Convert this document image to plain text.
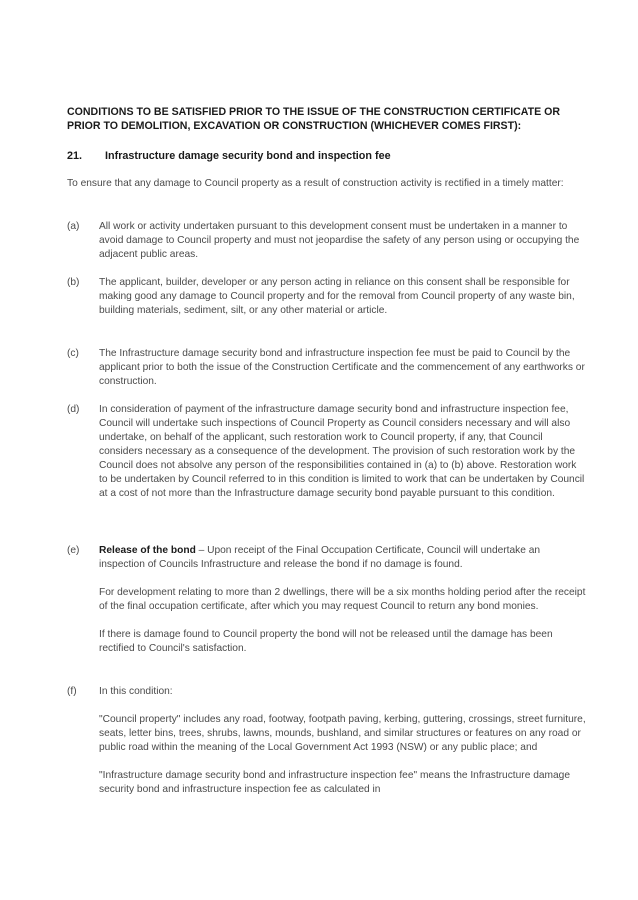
CONDITIONS TO BE SATISFIED PRIOR TO THE ISSUE OF THE CONSTRUCTION CERTIFICATE OR PRIOR TO DEMOLITION, EXCAVATION OR CONSTRUCTION (WHICHEVER COMES FIRST):
21. Infrastructure damage security bond and inspection fee
To ensure that any damage to Council property as a result of construction activity is rectified in a timely matter:
(a)	All work or activity undertaken pursuant to this development consent must be undertaken in a manner to avoid damage to Council property and must not jeopardise the safety of any person using or occupying the adjacent public areas.

(b)	The applicant, builder, developer or any person acting in reliance on this consent shall be responsible for making good any damage to Council property and for the removal from Council property of any waste bin, building materials, sediment, silt, or any other material or article.

(c)	The Infrastructure damage security bond and infrastructure inspection fee must be paid to Council by the applicant prior to both the issue of the Construction Certificate and the commencement of any earthworks or construction.

(d)	In consideration of payment of the infrastructure damage security bond and infrastructure inspection fee, Council will undertake such inspections of Council Property as Council considers necessary and will also undertake, on behalf of the applicant, such restoration work to Council property, if any, that Council considers necessary as a consequence of the development. The provision of such restoration work by the Council does not absolve any person of the responsibilities contained in (a) to (b) above. Restoration work to be undertaken by Council referred to in this condition is limited to work that can be undertaken by Council at a cost of not more than the Infrastructure damage security bond payable pursuant to this condition.

(e)	Release of the bond – Upon receipt of the Final Occupation Certificate, Council will undertake an inspection of Councils Infrastructure and release the bond if no damage is found.

For development relating to more than 2 dwellings, there will be a six months holding period after the receipt of the final occupation certificate, after which you may request Council to return any bond monies.

If there is damage found to Council property the bond will not be released until the damage has been rectified to Council's satisfaction.

(f)	In this condition:

"Council property" includes any road, footway, footpath paving, kerbing, guttering, crossings, street furniture, seats, letter bins, trees, shrubs, lawns, mounds, bushland, and similar structures or features on any road or public road within the meaning of the Local Government Act 1993 (NSW) or any public place; and

"Infrastructure damage security bond and infrastructure inspection fee" means the Infrastructure damage security bond and infrastructure inspection fee as calculated in
